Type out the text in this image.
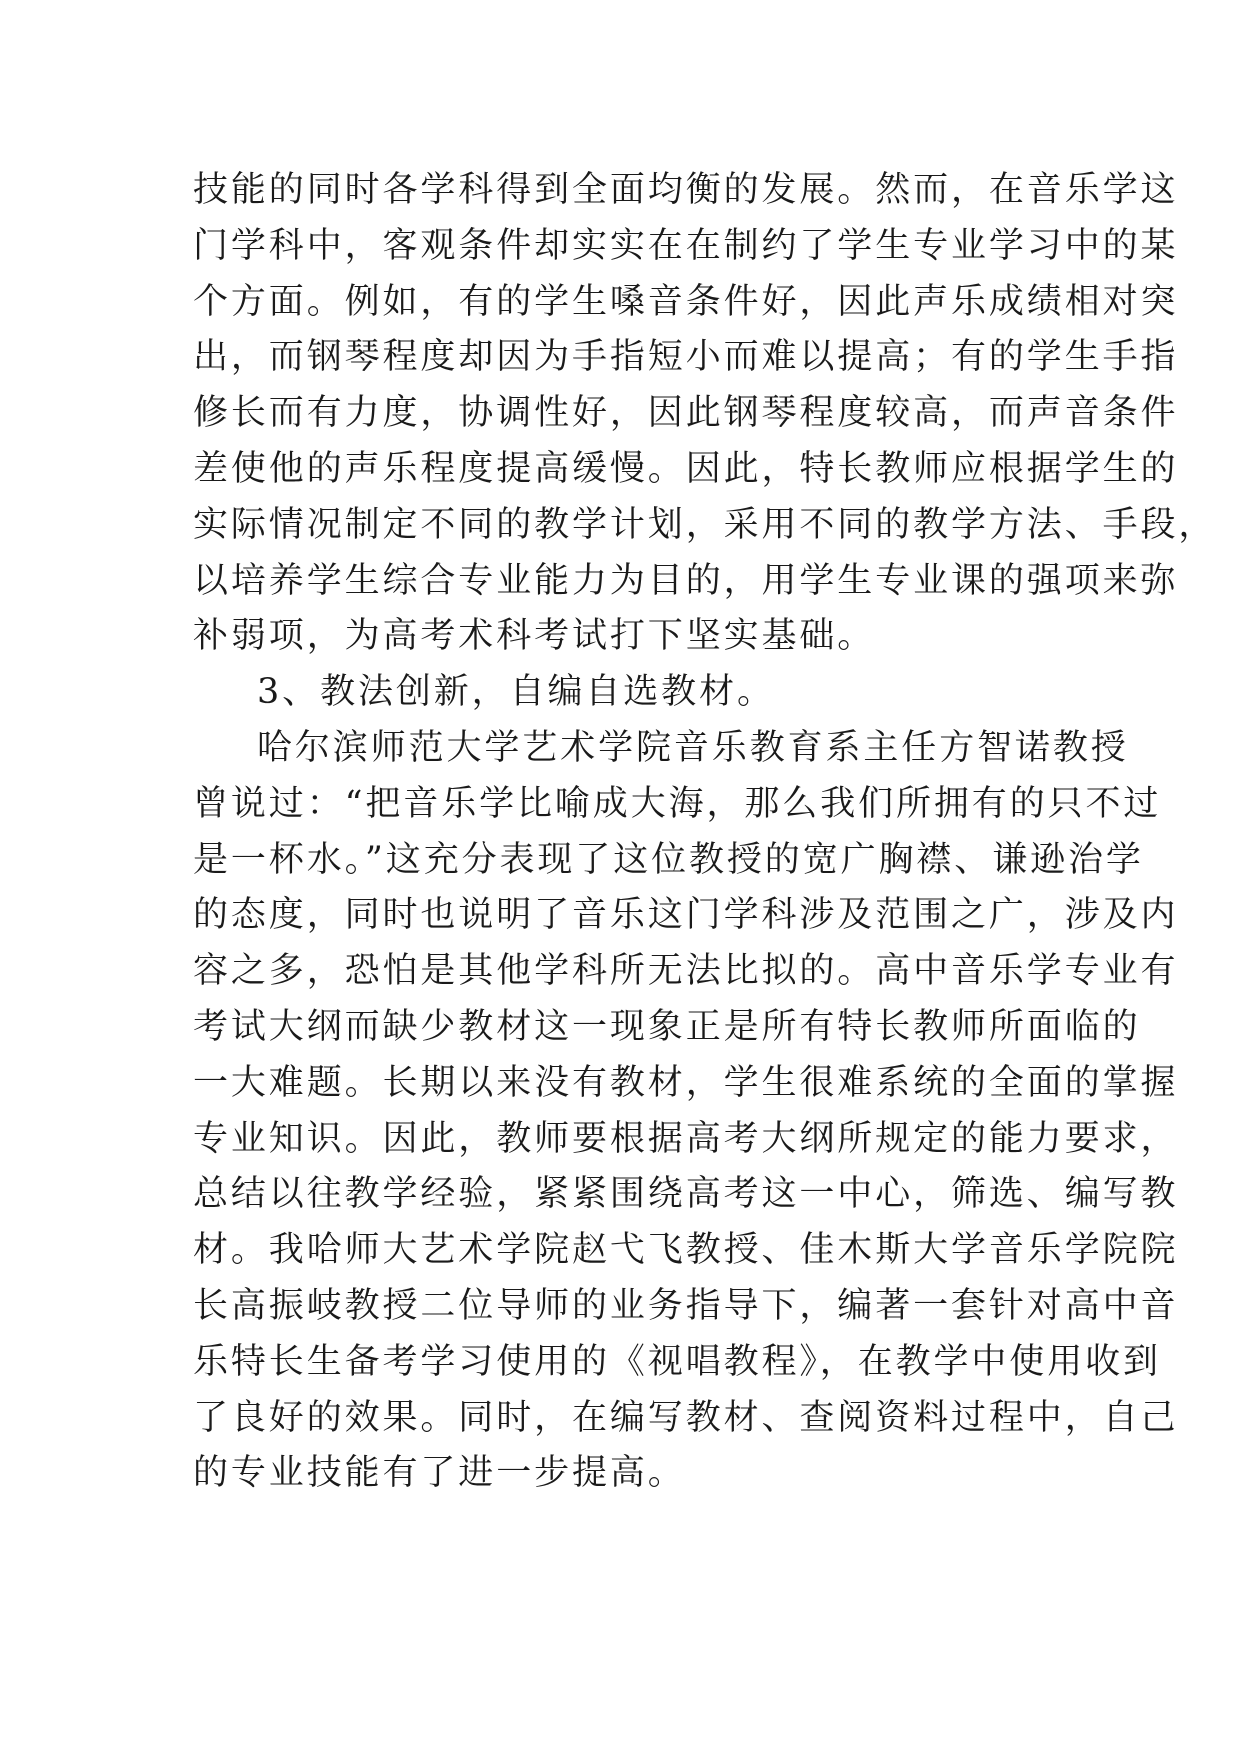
技能的同时各学科得到全面均衡的发展。然而，在音乐学这
门学科中，客观条件却实实在在制约了学生专业学习中的某
个方面。例如，有的学生嗓音条件好，因此声乐成绩相对突
出，而钢琴程度却因为手指短小而难以提高；有的学生手指
修长而有力度，协调性好，因此钢琴程度较高，而声音条件
差使他的声乐程度提高缓慢。因此，特长教师应根据学生的
实际情况制定不同的教学计划，采用不同的教学方法、手段，
以培养学生综合专业能力为目的，用学生专业课的强项来弥
补弱项，为高考术科考试打下坚实基础。
3、教法创新，自编自选教材。
哈尔滨师范大学艺术学院音乐教育系主任方智诺教授
曾说过：“把音乐学比喻成大海，那么我们所拥有的只不过
是一杯水。”这充分表现了这位教授的宽广胸襟、谦逊治学
的态度，同时也说明了音乐这门学科涉及范围之广，涉及内
容之多，恐怕是其他学科所无法比拟的。高中音乐学专业有
考试大纲而缺少教材这一现象正是所有特长教师所面临的
一大难题。长期以来没有教材，学生很难系统的全面的掌握
专业知识。因此，教师要根据高考大纲所规定的能力要求，
总结以往教学经验，紧紧围绕高考这一中心，筛选、编写教
材。我哈师大艺术学院赵弋飞教授、佳木斯大学音乐学院院
长高振岐教授二位导师的业务指导下，编著一套针对高中音
乐特长生备考学习使用的《视唱教程》，在教学中使用收到
了良好的效果。同时，在编写教材、查阅资料过程中，自己
的专业技能有了进一步提高。
